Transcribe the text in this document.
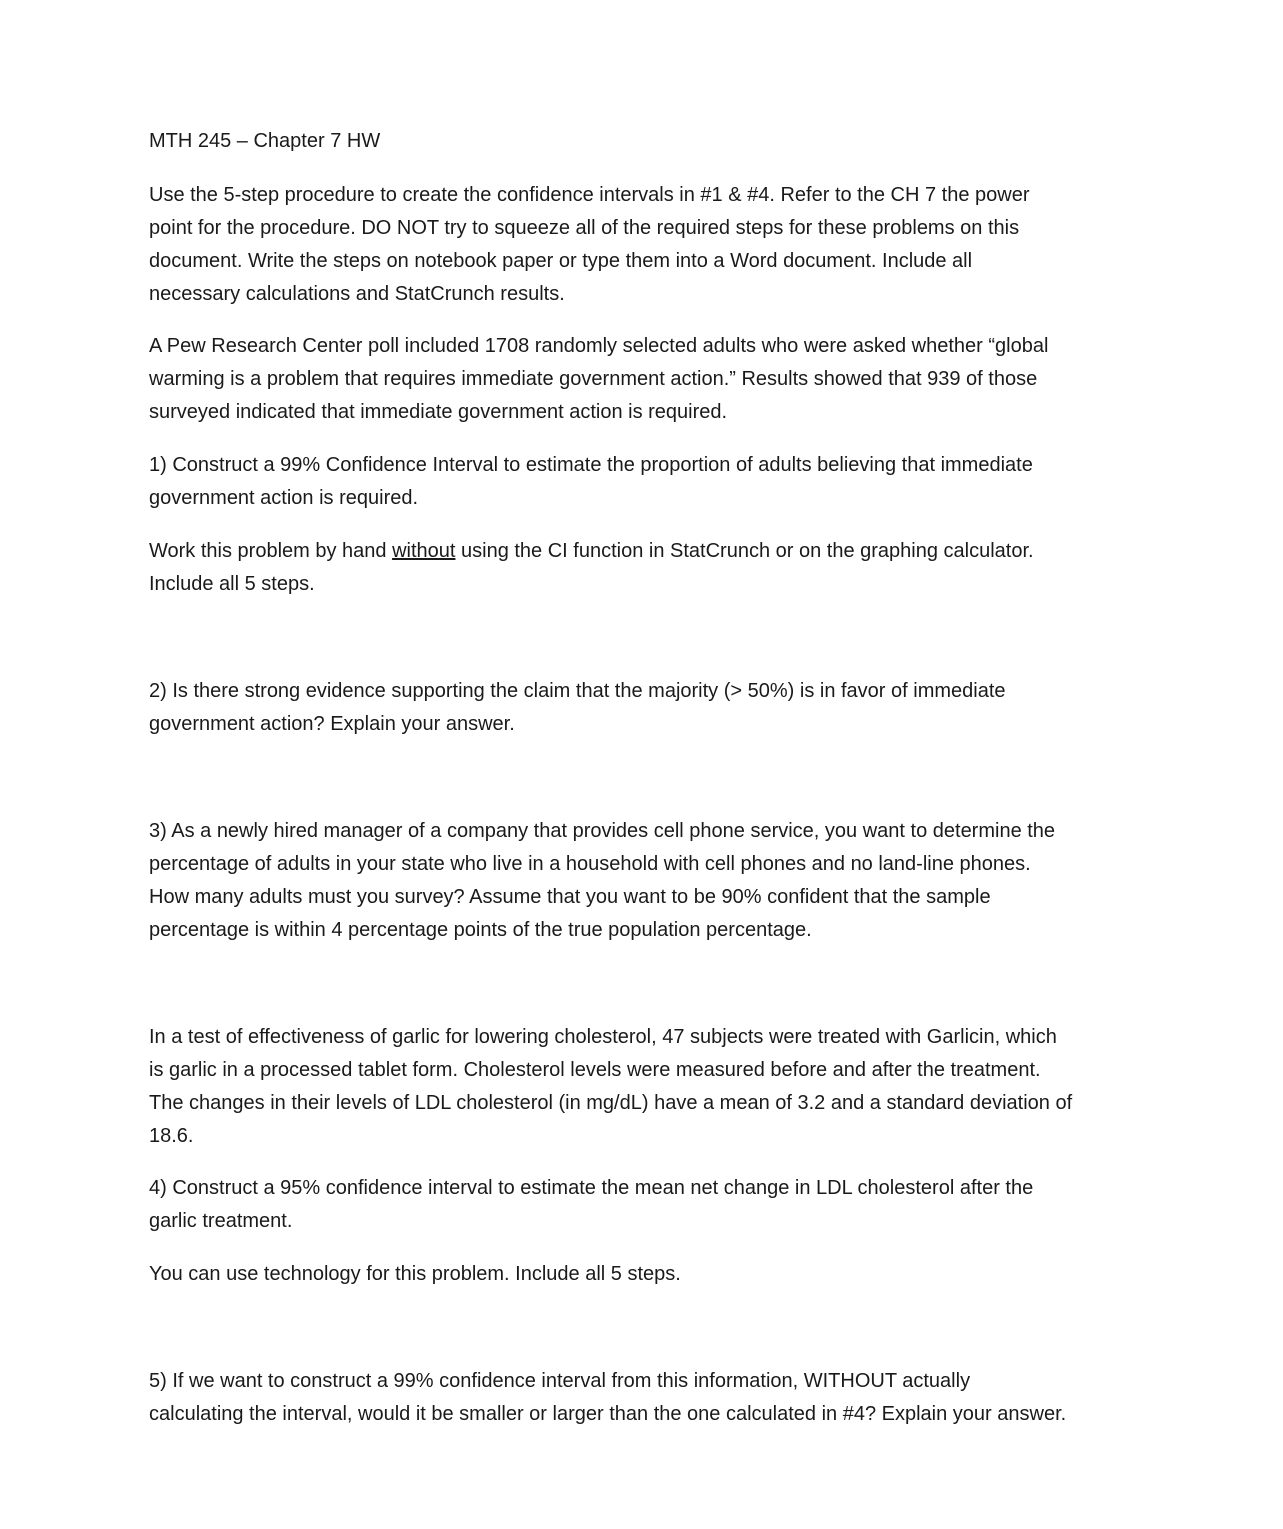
MTH 245 – Chapter 7 HW

Use the 5-step procedure to create the confidence intervals in #1 & #4. Refer to the CH 7 the power
point for the procedure. DO NOT try to squeeze all of the required steps for these problems on this
document. Write the steps on notebook paper or type them into a Word document. Include all
necessary calculations and StatCrunch results.

A Pew Research Center poll included 1708 randomly selected adults who were asked whether “global
warming is a problem that requires immediate government action.” Results showed that 939 of those
surveyed indicated that immediate government action is required.

1) Construct a 99% Confidence Interval to estimate the proportion of adults believing that immediate
government action is required.

Work this problem by hand without using the CI function in StatCrunch or on the graphing calculator.
Include all 5 steps.

2) Is there strong evidence supporting the claim that the majority (> 50%) is in favor of immediate
government action? Explain your answer.

3) As a newly hired manager of a company that provides cell phone service, you want to determine the
percentage of adults in your state who live in a household with cell phones and no land-line phones.
How many adults must you survey? Assume that you want to be 90% confident that the sample
percentage is within 4 percentage points of the true population percentage.

In a test of effectiveness of garlic for lowering cholesterol, 47 subjects were treated with Garlicin, which
is garlic in a processed tablet form. Cholesterol levels were measured before and after the treatment.
The changes in their levels of LDL cholesterol (in mg/dL) have a mean of 3.2 and a standard deviation of
18.6.

4) Construct a 95% confidence interval to estimate the mean net change in LDL cholesterol after the
garlic treatment.

You can use technology for this problem. Include all 5 steps.

5) If we want to construct a 99% confidence interval from this information, WITHOUT actually
calculating the interval, would it be smaller or larger than the one calculated in #4? Explain your answer.
